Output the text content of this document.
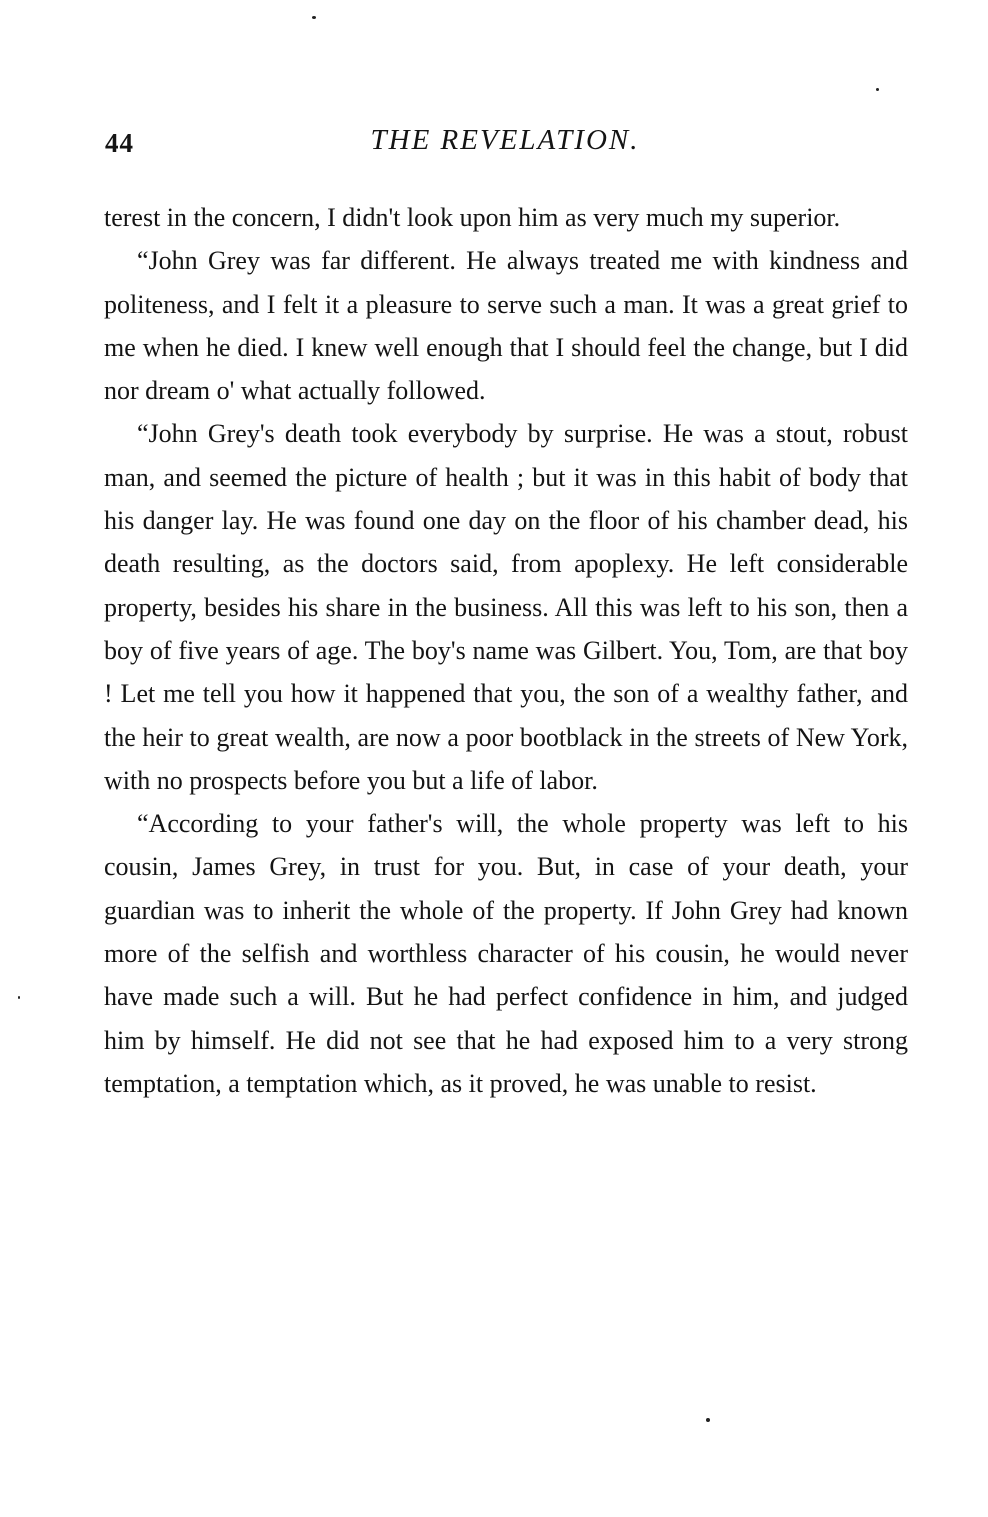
44	THE REVELATION.

terest in the concern, I didn't look upon him as very much my superior.

“John Grey was far different. He always treated me with kindness and politeness, and I felt it a pleasure to serve such a man. It was a great grief to me when he died. I knew well enough that I should feel the change, but I did nor dream o' what actually followed.

“John Grey's death took everybody by surprise. He was a stout, robust man, and seemed the picture of health ; but it was in this habit of body that his danger lay. He was found one day on the floor of his chamber dead, his death resulting, as the doctors said, from apoplexy. He left considerable property, besides his share in the business. All this was left to his son, then a boy of five years of age. The boy's name was Gilbert. You, Tom, are that boy ! Let me tell you how it happened that you, the son of a wealthy father, and the heir to great wealth, are now a poor bootblack in the streets of New York, with no prospects before you but a life of labor.

“According to your father's will, the whole property was left to his cousin, James Grey, in trust for you. But, in case of your death, your guardian was to inherit the whole of the property. If John Grey had known more of the selfish and worthless character of his cousin, he would never have made such a will. But he had perfect confidence in him, and judged him by himself. He did not see that he had exposed him to a very strong temptation, a temptation which, as it proved, he was unable to resist.
